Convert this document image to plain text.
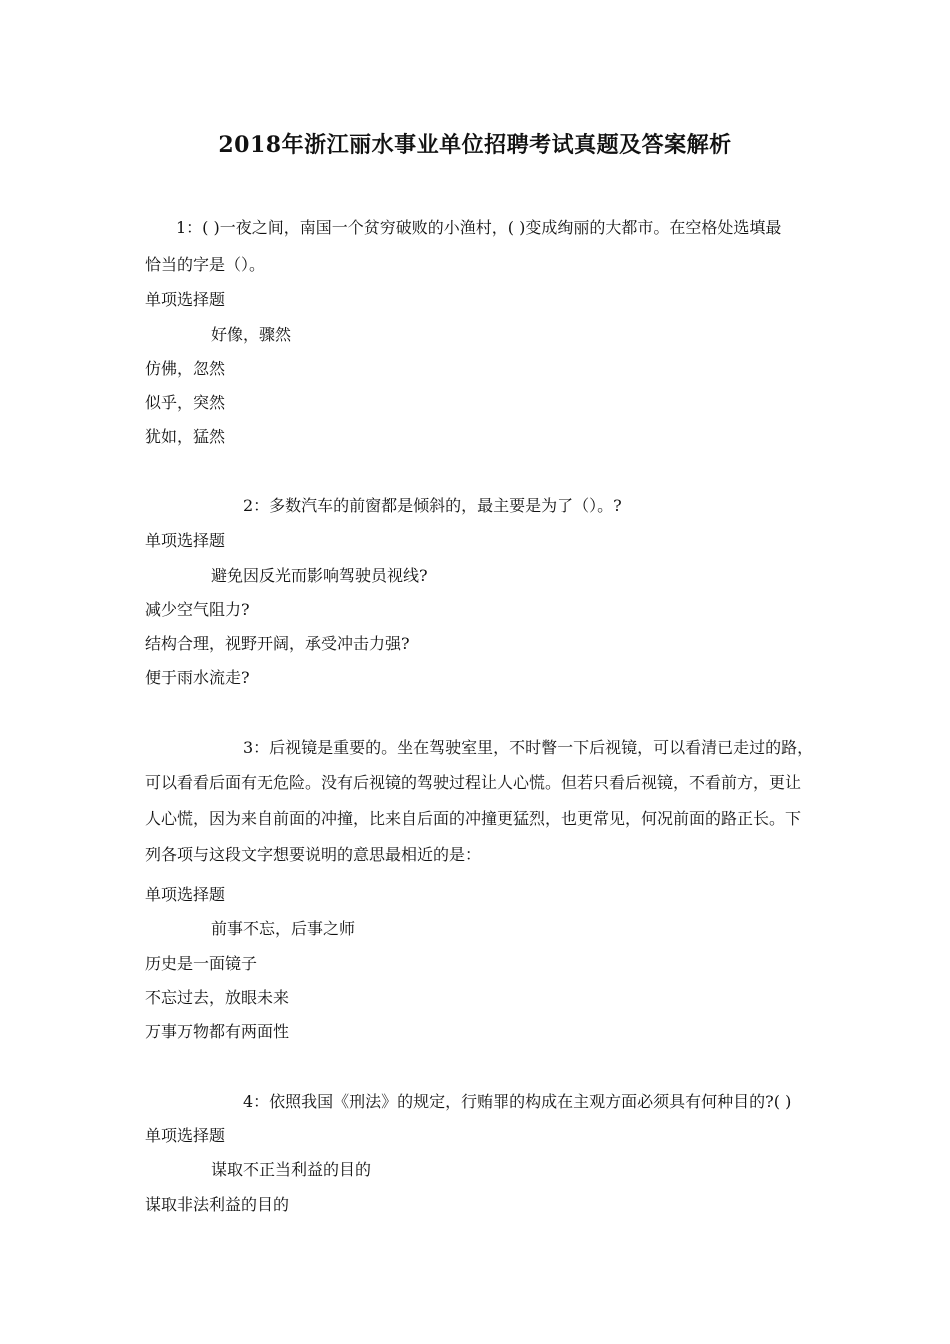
2018年浙江丽水事业单位招聘考试真题及答案解析
1：( )一夜之间，南国一个贫穷破败的小渔村，( )变成绚丽的大都市。在空格处选填最
恰当的字是（）。
单项选择题
好像，骤然
仿佛，忽然
似乎，突然
犹如，猛然
2：多数汽车的前窗都是倾斜的，最主要是为了（）。?
单项选择题
避免因反光而影响驾驶员视线?
减少空气阻力?
结构合理，视野开阔，承受冲击力强?
便于雨水流走?
3：后视镜是重要的。坐在驾驶室里，不时瞥一下后视镜，可以看清已走过的路，
可以看看后面有无危险。没有后视镜的驾驶过程让人心慌。但若只看后视镜，不看前方，更让
人心慌，因为来自前面的冲撞，比来自后面的冲撞更猛烈，也更常见，何况前面的路正长。下
列各项与这段文字想要说明的意思最相近的是：
单项选择题
前事不忘，后事之师
历史是一面镜子
不忘过去，放眼未来
万事万物都有两面性
4：依照我国《刑法》的规定，行贿罪的构成在主观方面必须具有何种目的?( )
单项选择题
谋取不正当利益的目的
谋取非法利益的目的
